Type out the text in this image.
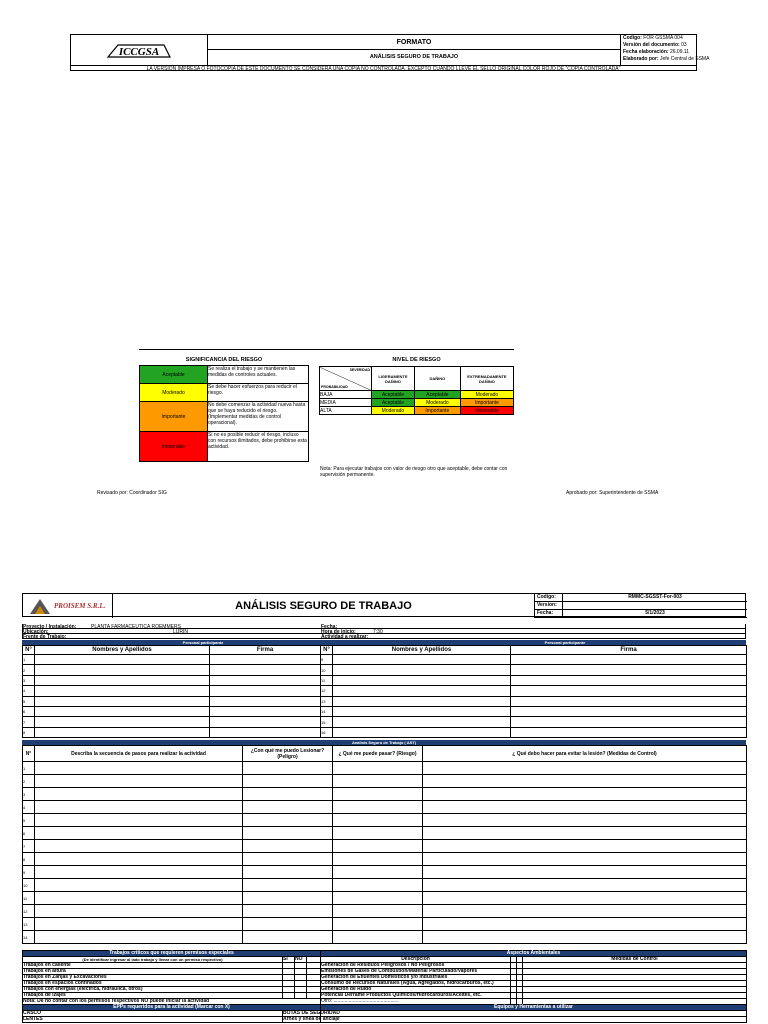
ICCGSA
FORMATO
ANÁLISIS SEGURO DE TRABAJO
Codigo: FOR GSSMA 004
Versión del documento: 03
Fecha elaboración: 26.09.11
Elaborado por: Jefe Central de SSMA
LA VERSIÓN IMPRESA O FOTOCOPIA DE ESTE DOCUMENTO SE CONSIDERA UNA COPIA NO CONTROLADA, EXCEPTO CUANDO LLEVE EL SELLO ORIGINAL COLOR ROJO DE "COPIA CONTROLADA"
SIGNIFICANCIA DEL RIESGO
Aceptable	Se realiza el trabajo y se mantienen las medidas de controles actuales.
Moderado	Se debe hacer esfuerzos para reducir el riesgo.
Importante	No debe comenzar la actividad nueva hasta que se haya reducido el riesgo. (Implementar medidas de control operacional).
Intolerable	Si no es posible reducir el riesgo, incluso con recursos ilimitados, debe prohibirse esta actividad.
NIVEL DE RIESGO
SEVERIDAD
PROBABILIDAD	LIGERAMENTE DAÑINO	DAÑINO	EXTREMADAMENTE DAÑINO
BAJA	Aceptable	Aceptable	Moderado
MEDIA	Aceptable	Moderado	Importante
ALTA	Moderado	Importante	Intolerable
Nota: Para ejecutar trabajos con valor de riesgo otro que aceptable, debe contar con supervisión permanente.
Revisado por: Coordinador SIG	Aprobado por: Superintendente de SSMA
PROISEM S.R.L.	ANÁLISIS SEGURO DE TRABAJO
Codigo:	RMMC-SGSST-For-003
Version:
Fecha:	5/1/2023
Proyecto / Instalación:	PLANTA FARMACEUTICA ROEMMERS	Fecha:
Ubicación:	LURIN	Hora de inicio:	7:30
Frente de Trabajo:	Actividad a realizar:
Personal participante	Personal participante
N°	Nombres y Apellidos	Firma	N°	Nombres y Apellidos	Firma
1			9		
2			10		
3			11		
4			12		
5			13		
6			14		
7			15		
8			16		
Análisis Seguro de Trabajo ( AST)
N°	Describa la secuencia de pasos para realizar la actividad	¿Con qué me puedo Lesionar? (Peligro)	¿ Qué me puede pasar? (Riesgo)	¿ Qué debo hacer para evitar la lesión? (Medidas de Control)
1				
2				
3				
4				
5				
6				
7				
8				
9				
10				
11				
12				
13				
14				
Trabajos críticos que requieren permisos especiales				Aspectos Ambientales			
(De identificar ingresar al lado trabajo y llenar con un permiso respectivo)	Si	NO		Descripción			Medidas de Control
Trabajos en caliente				Generación de Residuos Peligrosos / No Peligrosos			
Trabajos en altura				Emisiones de Gases de Combustión/Material Particulado/Vapores			
Trabajos en Zanjas y Excavaciones				Generación de Efluentes Domésticos y/o Industriales			
Trabajos en espacios confinados				Consumo de Recursos Naturales (Agua, Agregados, hidrocarburos, etc.)			
Trabajos con energías (eléctrica, hidráulica, otros)				Generación de Ruido			
Trabajos de izajes				Potencial Derrame Productos Químicos/Hidrocarburos/Aceites, etc.			
Nota: De no contar con los permisos respectivos NO puede iniciar la actividad				Otro: ...............................................			
EPPs requeridos para la actividad (Marcar con X)				Equipos y Herramientas a utilizar			
CASCO	BOTAS DE SEGURIDAD						
LENTES	Arnés y línea de anclaje						
